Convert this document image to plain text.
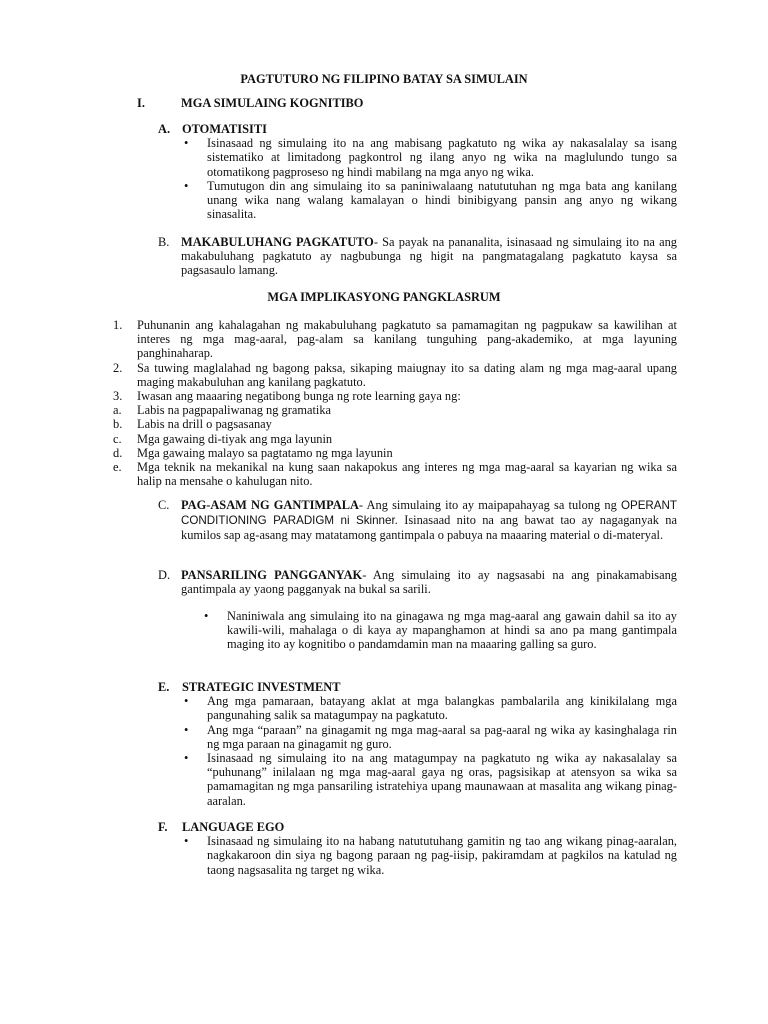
PAGTUTURO NG FILIPINO BATAY SA SIMULAIN
I.	MGA SIMULAING KOGNITIBO
A. OTOMATISITI
• Isinasaad ng simulaing ito na ang mabisang pagkatuto ng wika ay nakasalalay sa isang sistematiko at limitadong pagkontrol ng ilang anyo ng wika na maglulundo tungo sa otomatikong pagproseso ng hindi mabilang na mga anyo ng wika.
• Tumutugon din ang simulaing ito sa paniniwalaang natututuhan ng mga bata ang kanilang unang wika nang walang kamalayan o hindi binibigyang pansin ang anyo ng wikang sinasalita.
B. MAKABULUHANG PAGKATUTO- Sa payak na pananalita, isinasaad ng simulaing ito na ang makabuluhang pagkatuto ay nagbubunga ng higit na pangmatagalang pagkatuto kaysa sa pagsasaulo lamang.
MGA IMPLIKASYONG PANGKLASRUM
1.	Puhunanin ang kahalagahan ng makabuluhang pagkatuto sa pamamagitan ng pagpukaw sa kawilihan at interes ng mga mag-aaral, pag-alam sa kanilang tunguhing pang-akademiko, at mga layuning panghinaharap.
2.	Sa tuwing maglalahad ng bagong paksa, sikaping maiugnay ito sa dating alam ng mga mag-aaral upang maging makabuluhan ang kanilang pagkatuto.
3.	Iwasan ang maaaring negatibong bunga ng rote learning gaya ng:
a.	Labis na pagpapaliwanag ng gramatika
b.	Labis na drill o pagsasanay
c.	Mga gawaing di-tiyak ang mga layunin
d.	Mga gawaing malayo sa pagtatamo ng mga layunin
e.	Mga teknik na mekanikal na kung saan nakapokus ang interes ng mga mag-aaral sa kayarian ng wika sa halip na mensahe o kahulugan nito.
C. PAG-ASAM NG GANTIMPALA- Ang simulaing ito ay maipapahayag sa tulong ng OPERANT CONDITIONING PARADIGM ni Skinner. Isinasaad nito na ang bawat tao ay nagaganyak na kumilos sap ag-asang may matatamong gantimpala o pabuya na maaaring material o di-materyal.
D. PANSARILING PANGGANYAK- Ang simulaing ito ay nagsasabi na ang pinakamabisang gantimpala ay yaong pagganyak na bukal sa sarili.
• Naniniwala ang simulaing ito na ginagawa ng mga mag-aaral ang gawain dahil sa ito ay kawili-wili, mahalaga o di kaya ay mapanghamon at hindi sa ano pa mang gantimpala maging ito ay kognitibo o pandamdamin man na maaaring galling sa guro.
E.	STRATEGIC INVESTMENT
• Ang mga pamaraan, batayang aklat at mga balangkas pambalarila ang kinikilalang mga pangunahing salik sa matagumpay na pagkatuto.
• Ang mga “paraan” na ginagamit ng mga mag-aaral sa pag-aaral ng wika ay kasinghalaga rin ng mga paraan na ginagamit ng guro.
• Isinasaad ng simulaing ito na ang matagumpay na pagkatuto ng wika ay nakasalalay sa “puhunang” inilalaan ng mga mag-aaral gaya ng oras, pagsisikap at atensyon sa wika sa pamamagitan ng mga pansariling istratehiya upang maunawaan at masalita ang wikang pinag-aaralan.
F.	LANGUAGE EGO
• Isinasaad ng simulaing ito na habang natututuhang gamitin ng tao ang wikang pinag-aaralan, nagkakaroon din siya ng bagong paraan ng pag-iisip, pakiramdam at pagkilos na katulad ng taong nagsasalita ng target ng wika.
